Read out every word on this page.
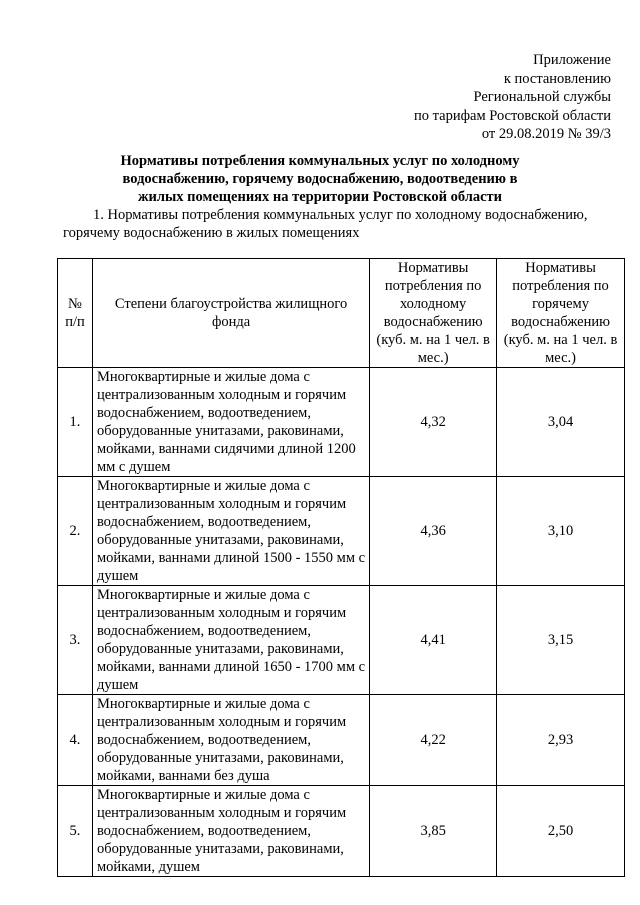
Приложение
к постановлению
Региональной службы
по тарифам Ростовской области
от 29.08.2019 № 39/3
Нормативы потребления коммунальных услуг по холодному водоснабжению, горячему водоснабжению, водоотведению в жилых помещениях на территории Ростовской области
1. Нормативы потребления коммунальных услуг по холодному водоснабжению, горячему водоснабжению в жилых помещениях
№ п/п	Степени благоустройства жилищного фонда	Нормативы потребления по холодному водоснабжению (куб. м. на 1 чел. в мес.)	Нормативы потребления по горячему водоснабжению (куб. м. на 1 чел. в мес.)
1.	Многоквартирные и жилые дома с централизованным холодным и горячим водоснабжением, водоотведением, оборудованные унитазами, раковинами, мойками, ваннами сидячими длиной 1200 мм с душем	4,32	3,04
2.	Многоквартирные и жилые дома с централизованным холодным и горячим водоснабжением, водоотведением, оборудованные унитазами, раковинами, мойками, ваннами длиной 1500 - 1550 мм с душем	4,36	3,10
3.	Многоквартирные и жилые дома с централизованным холодным и горячим водоснабжением, водоотведением, оборудованные унитазами, раковинами, мойками, ваннами длиной 1650 - 1700 мм с душем	4,41	3,15
4.	Многоквартирные и жилые дома с централизованным холодным и горячим водоснабжением, водоотведением, оборудованные унитазами, раковинами, мойками, ваннами без душа	4,22	2,93
5.	Многоквартирные и жилые дома с централизованным холодным и горячим водоснабжением, водоотведением, оборудованные унитазами, раковинами, мойками, душем	3,85	2,50
